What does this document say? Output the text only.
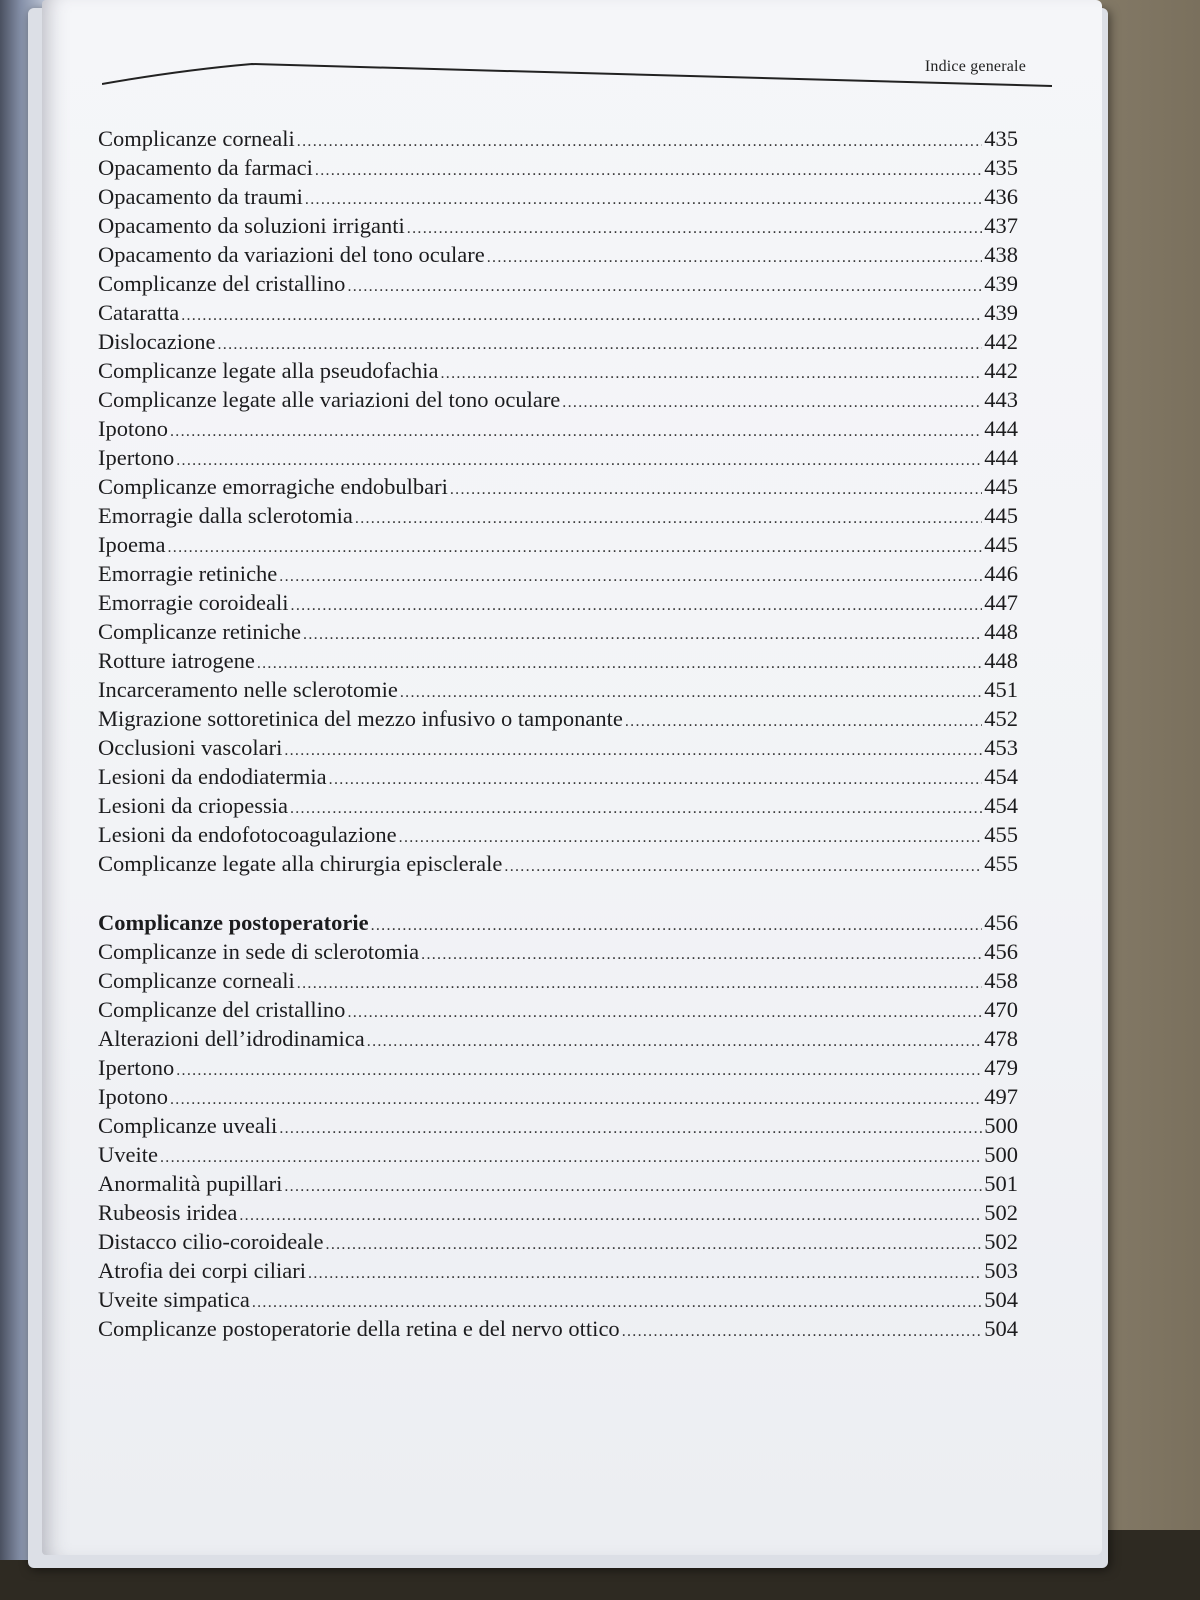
Indice generale
Complicanze corneali .....	435
Opacamento da farmaci .....	435
Opacamento da traumi .....	436
Opacamento da soluzioni irriganti .....	437
Opacamento da variazioni del tono oculare .....	438
Complicanze del cristallino .....	439
Cataratta .....	439
Dislocazione .....	442
Complicanze legate alla pseudofachia .....	442
Complicanze legate alle variazioni del tono oculare .....	443
Ipotono .....	444
Ipertono .....	444
Complicanze emorragiche endobulbari .....	445
Emorragie dalla sclerotomia .....	445
Ipoema .....	445
Emorragie retiniche .....	446
Emorragie coroideali .....	447
Complicanze retiniche .....	448
Rotture iatrogene .....	448
Incarceramento nelle sclerotomie .....	451
Migrazione sottoretinica del mezzo infusivo o tamponante .....	452
Occlusioni vascolari .....	453
Lesioni da endodiatermia .....	454
Lesioni da criopessia .....	454
Lesioni da endofotocoagulazione .....	455
Complicanze legate alla chirurgia episclerale .....	455
Complicanze postoperatorie .....	456
Complicanze in sede di sclerotomia .....	456
Complicanze corneali .....	458
Complicanze del cristallino .....	470
Alterazioni dell’idrodinamica .....	478
Ipertono .....	479
Ipotono .....	497
Complicanze uveali .....	500
Uveite .....	500
Anormalità pupillari .....	501
Rubeosis iridea .....	502
Distacco cilio-coroideale .....	502
Atrofia dei corpi ciliari .....	503
Uveite simpatica .....	504
Complicanze postoperatorie della retina e del nervo ottico .....	504
